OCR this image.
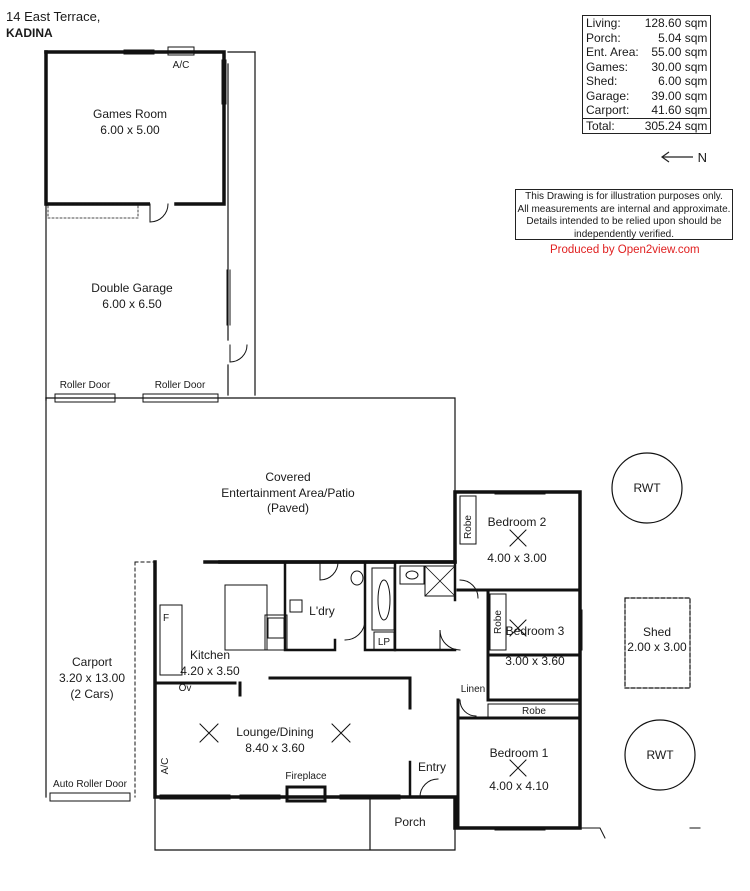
14 East Terrace,
KADINA
Living:	128.60 sqm
Porch:	5.04 sqm
Ent. Area:	55.00 sqm
Games:	30.00 sqm
Shed:	6.00 sqm
Garage:	39.00 sqm
Carport:	41.60 sqm
Total:	305.24 sqm
N
This Drawing is for illustration purposes only.
All measurements are internal and approximate.
Details intended to be relied upon should be
independently verified.
Produced by Open2view.com
Games Room
6.00 x 5.00
Double Garage
6.00 x 6.50
Covered
Entertainment Area/Patio
(Paved)
Bedroom 2
4.00 x 3.00
Bedroom 3
3.00 x 3.60
Bedroom 1
4.00 x 4.10
Shed
2.00 x 3.00
Carport
3.20 x 13.00
(2 Cars)
Kitchen
4.20 x 3.50
Lounge/Dining
8.40 x 3.60
L'dry
Porch
Entry
Linen
A/C
Roller Door	Roller Door
Auto Roller Door
RWT
RWT
Robe
Fireplace
F
Ov
LP
Robe
Robe
A/C
